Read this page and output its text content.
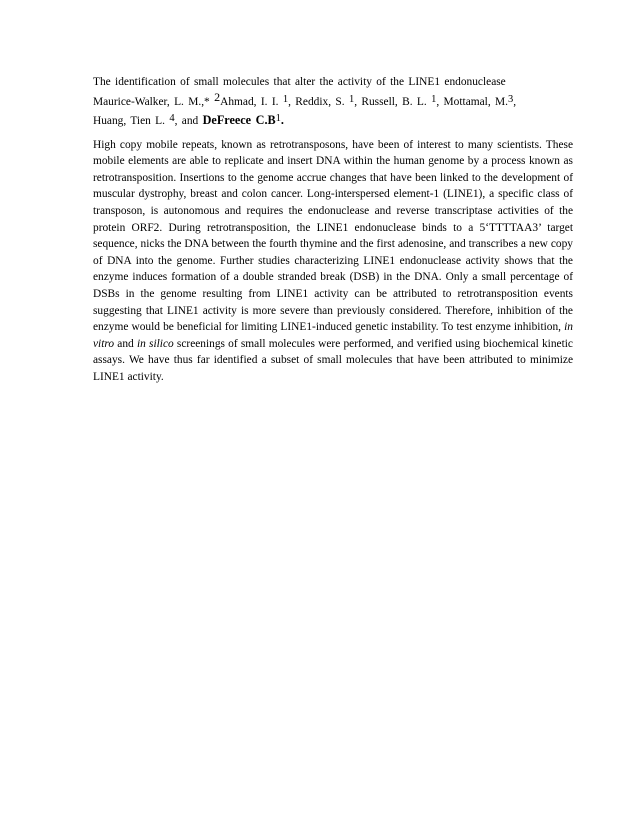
The identification of small molecules that alter the activity of the LINE1 endonuclease

Maurice-Walker, L. M.,* $^2$Ahmad, I. I. $^1$, Reddix, S. $^1$, Russell, B. L. $^1$, Mottamal, M.$^3$,
Huang, Tien L. $^4$, and DeFreece $C.B^1$.

High copy mobile repeats, known as retrotransposons, have been of interest to many scientists. These mobile elements are able to replicate and insert DNA within the human genome by a process known as retrotransposition. Insertions to the genome accrue changes that have been linked to the development of muscular dystrophy, breast and colon cancer. Long-interspersed element-1 (LINE1), a specific class of transposon, is autonomous and requires the endonuclease and reverse transcriptase activities of the protein ORF2. During retrotransposition, the LINE1 endonuclease binds to a 5‘TTTTAA3’ target sequence, nicks the DNA between the fourth thymine and the first adenosine, and transcribes a new copy of DNA into the genome. Further studies characterizing LINE1 endonuclease activity shows that the enzyme induces formation of a double stranded break (DSB) in the DNA. Only a small percentage of DSBs in the genome resulting from LINE1 activity can be attributed to retrotransposition events suggesting that LINE1 activity is more severe than previously considered. Therefore, inhibition of the enzyme would be beneficial for limiting LINE1-induced genetic instability. To test enzyme inhibition, in vitro and in silico screenings of small molecules were performed, and verified using biochemical kinetic assays. We have thus far identified a subset of small molecules that have been attributed to minimize LINE1 activity.
